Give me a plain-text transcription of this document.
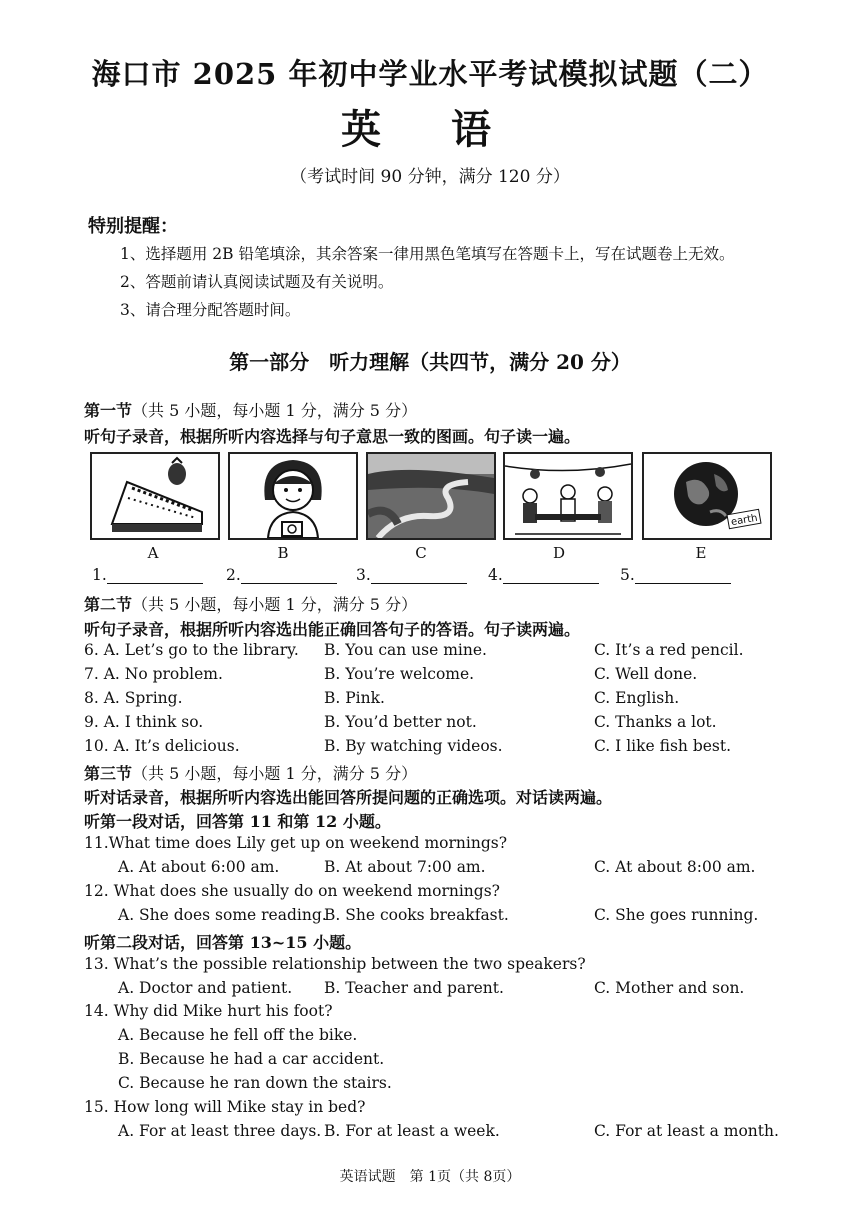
海口市 2025 年初中学业水平考试模拟试题（二）
英 语
（考试时间 90 分钟，满分 120 分）
特别提醒：
1、选择题用 2B 铅笔填涂，其余答案一律用黑色笔填写在答题卡上，写在试题卷上无效。
2、答题前请认真阅读试题及有关说明。
3、请合理分配答题时间。
第一部分　听力理解（共四节，满分 20 分）
第一节（共 5 小题，每小题 1 分，满分 5 分）
听句子录音，根据所听内容选择与句子意思一致的图画。句子读一遍。
earth
A	B	C	D	E
1.	2.	3.	4.	5.
第二节（共 5 小题，每小题 1 分，满分 5 分）
听句子录音，根据所听内容选出能正确回答句子的答语。句子读两遍。
6. A. Let’s go to the library. B. You can use mine.	C. It’s a red pencil.
7. A. No problem.	B. You’re welcome.	C. Well done.
8. A. Spring.	B. Pink.	C. English.
9. A. I think so.	B. You’d better not.	C. Thanks a lot.
10. A. It’s delicious.	B. By watching videos.	C. I like fish best.
第三节（共 5 小题，每小题 1 分，满分 5 分）
听对话录音，根据所听内容选出能回答所提问题的正确选项。对话读两遍。
听第一段对话，回答第 11 和第 12 小题。
11.What time does Lily get up on weekend mornings?
A. At about 6:00 am.	B. At about 7:00 am.	C. At about 8:00 am.
12. What does she usually do on weekend mornings?
A. She does some reading.
B. She cooks breakfast.	C. She goes running.
听第二段对话，回答第 13~15 小题。
13. What’s the possible relationship between the two speakers?
A. Doctor and patient. B. Teacher and parent.	C. Mother and son.
14. Why did Mike hurt his foot?
A. Because he fell off the bike.
B. Because he had a car accident.
C. Because he ran down the stairs.
15. How long will Mike stay in bed?
A. For at least three days. B. For at least a week.	C. For at least a month.
英语试题　第 1页（共 8页）
